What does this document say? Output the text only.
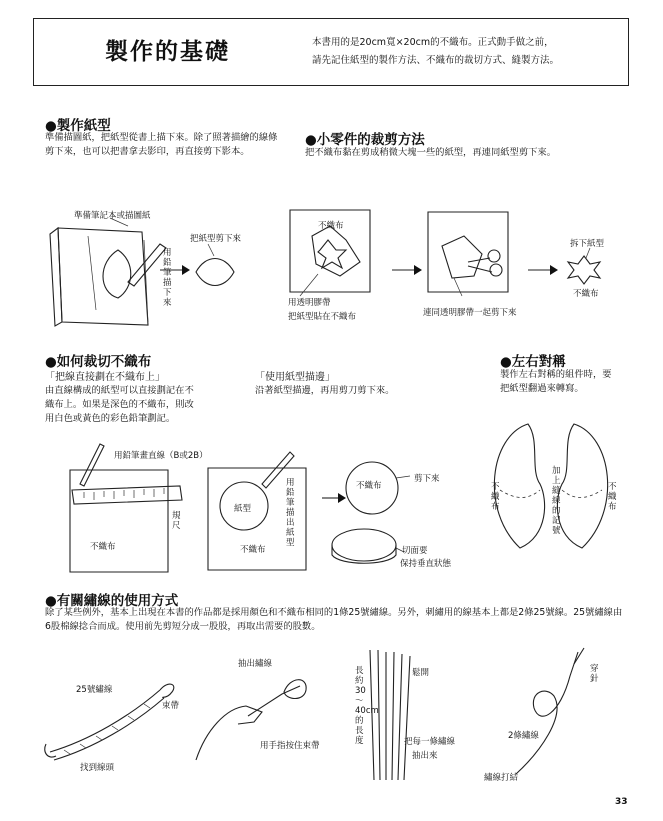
製作的基礎	本書用的是20cm寬×20cm的不織布。正式動手做之前，
請先記住紙型的製作方法、不織布的裁切方式、縫製方法。
●製作紙型
準備描圖紙，把紙型從書上描下來。除了照著描繪的線條
剪下來，也可以把書拿去影印，再直接剪下影本。
●小零件的裁剪方法
把不織布黏在剪成稍微大塊一些的紙型，再連同紙型剪下來。
準備筆記本或描圖紙
用鉛筆描下來
把紙型剪下來
不織布
用透明膠帶
把紙型貼在不織布	連同透明膠帶一起剪下來
拆下紙型
不織布
●如何裁切不織布
「把線直接劃在不織布上」
由直線構成的紙型可以直接劃記在不
織布上。如果是深色的不織布，則改
用白色或黃色的彩色鉛筆劃記。
「使用紙型描邊」
沿著紙型描邊，再用剪刀剪下來。
●左右對稱
製作左右對稱的組件時，要
把紙型翻過來轉寫。
用鉛筆畫直線（B或2B）
規尺
不織布
紙型
用鉛筆描出紙型
不織布
不織布
剪下來
切面要
保持垂直狀態
不織布
加上縫線的記號
不織布
●有關繡線的使用方式
除了某些例外，基本上出現在本書的作品都是採用顏色和不織布相同的1條25號繡線。另外，刺繡用的線基本上都是2條25號線。25號繡線由
6股棉線捻合而成。使用前先剪短分成一股股，再取出需要的股數。
25號繡線
束帶
找到線頭
抽出繡線
用手指按住束帶
長約30～40cm的長度
鬆開
把每一條繡線
抽出來
2條繡線
穿針
繡線打結
33
